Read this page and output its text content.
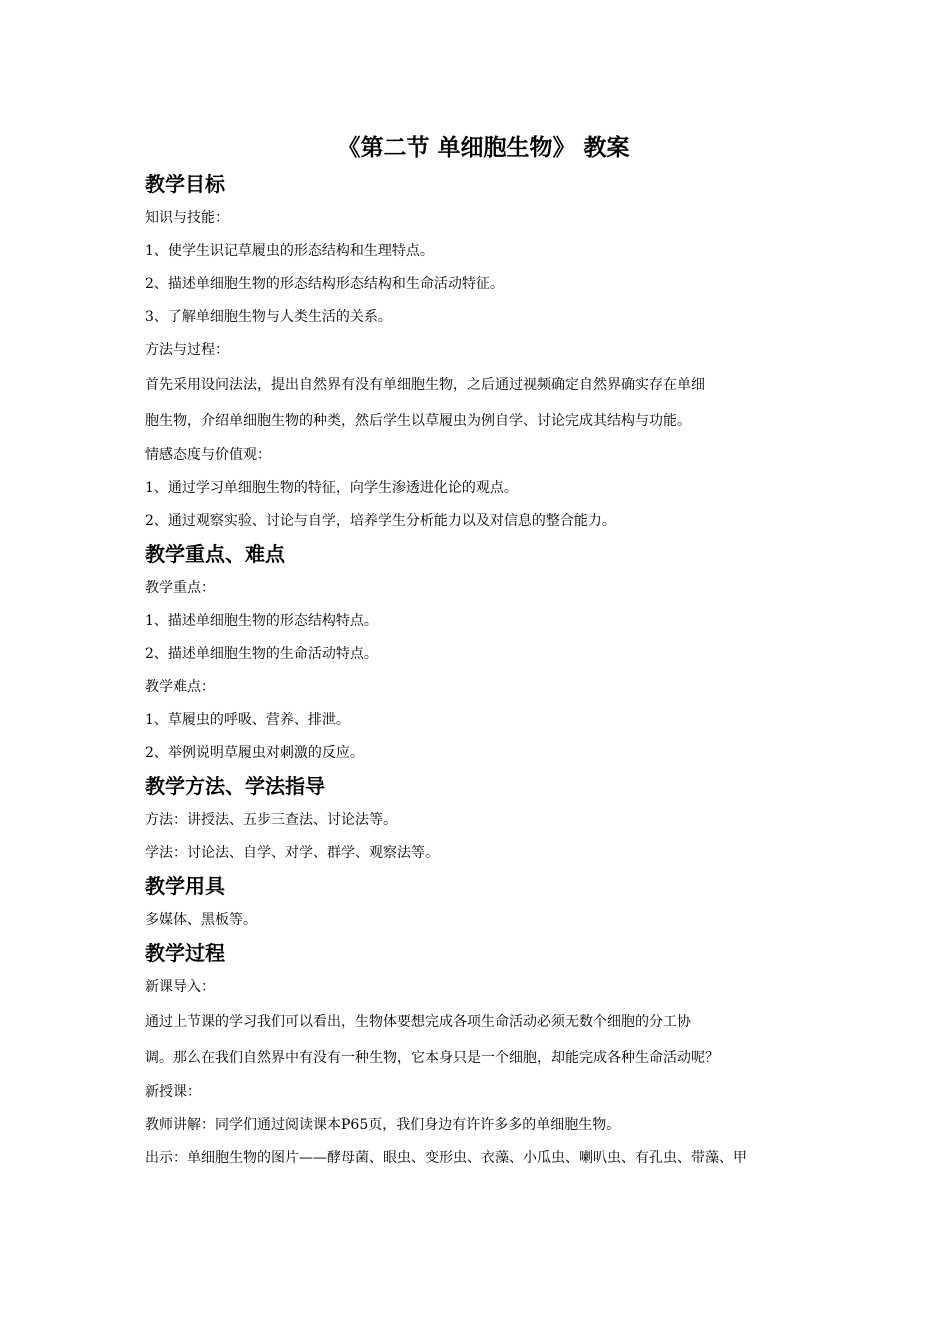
《第二节 单细胞生物》 教案
教学目标
知识与技能：
1、使学生识记草履虫的形态结构和生理特点。
2、描述单细胞生物的形态结构形态结构和生命活动特征。
3、了解单细胞生物与人类生活的关系。
方法与过程：
首先采用设问法法，提出自然界有没有单细胞生物，之后通过视频确定自然界确实存在单细
胞生物，介绍单细胞生物的种类，然后学生以草履虫为例自学、讨论完成其结构与功能。
情感态度与价值观：
1、通过学习单细胞生物的特征，向学生渗透进化论的观点。
2、通过观察实验、讨论与自学，培养学生分析能力以及对信息的整合能力。
教学重点、难点
教学重点：
1、描述单细胞生物的形态结构特点。
2、描述单细胞生物的生命活动特点。
教学难点：
1、草履虫的呼吸、营养、排泄。
2、举例说明草履虫对刺激的反应。
教学方法、学法指导
方法：讲授法、五步三查法、讨论法等。
学法：讨论法、自学、对学、群学、观察法等。
教学用具
多媒体、黑板等。
教学过程
新课导入：
通过上节课的学习我们可以看出，生物体要想完成各项生命活动必须无数个细胞的分工协
调。那么在我们自然界中有没有一种生物，它本身只是一个细胞，却能完成各种生命活动呢？
新授课：
教师讲解：同学们通过阅读课本P65页，我们身边有许许多多的单细胞生物。
出示：单细胞生物的图片——酵母菌、眼虫、变形虫、衣藻、小瓜虫、喇叭虫、有孔虫、带藻、甲
